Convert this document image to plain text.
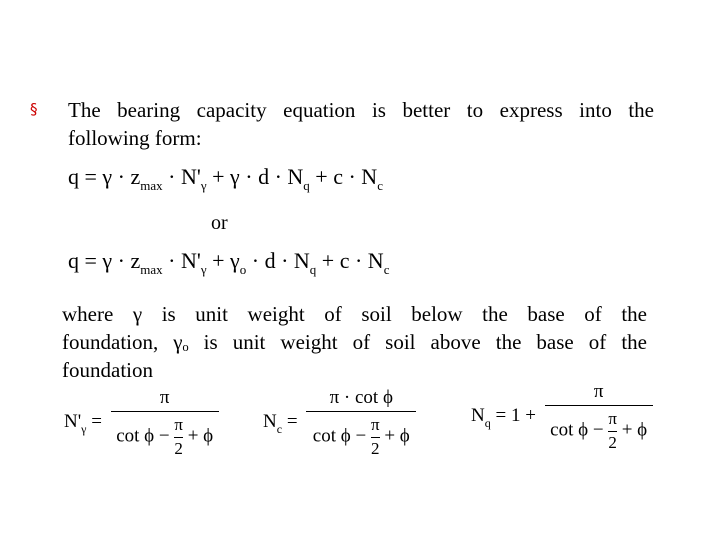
§ The bearing capacity equation is better to express into the
following form:
$q = \gamma \cdot z_{max} \cdot N'_\gamma + \gamma \cdot d \cdot N_q + c \cdot N_c$
or
$q = \gamma \cdot z_{max} \cdot N'_\gamma + \gamma_o \cdot d \cdot N_q + c \cdot N_c$
where γ is unit weight of soil below the base of the
foundation, γₒ is unit weight of soil above the base of the
foundation
$N'_\gamma = \frac{\pi}{\cot \phi - \frac{\pi}{2} + \phi} N_c = \frac{\text{π · cot ϕ}}{\cot \phi - \frac{\pi}{2} + \phi}$	$N_q = 1 + \frac{\pi}{\cot \phi - \frac{\pi}{2} + \phi}$
